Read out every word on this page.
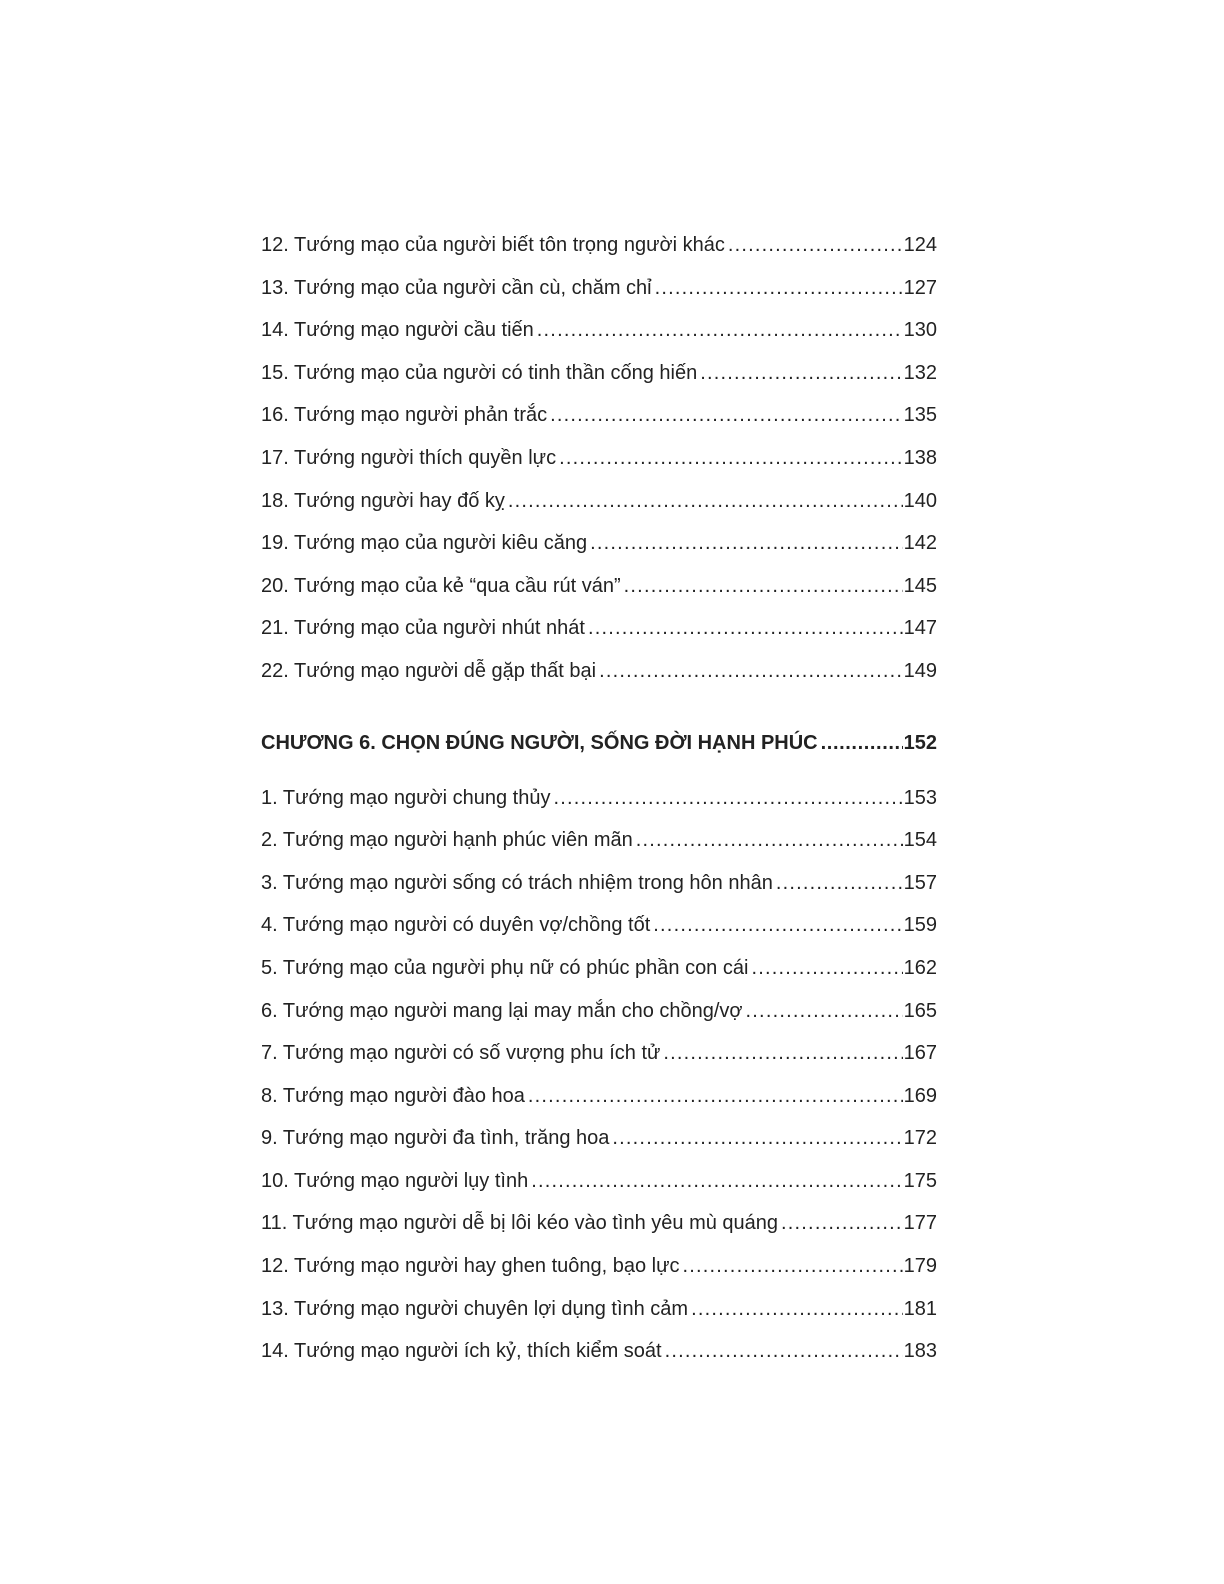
12. Tướng mạo của người biết tôn trọng người khác .....	124
13. Tướng mạo của người cần cù, chăm chỉ .....	127
14. Tướng mạo người cầu tiến .....	130
15. Tướng mạo của người có tinh thần cống hiến .....	132
16. Tướng mạo người phản trắc .....	135
17. Tướng người thích quyền lực .....	138
18. Tướng người hay đố kỵ .....	140
19. Tướng mạo của người kiêu căng .....	142
20. Tướng mạo của kẻ “qua cầu rút ván” .....	145
21. Tướng mạo của người nhút nhát .....	147
22. Tướng mạo người dễ gặp thất bại .....	149
CHƯƠNG 6. CHỌN ĐÚNG NGƯỜI, SỐNG ĐỜI HẠNH PHÚC .....	152
1. Tướng mạo người chung thủy .....	153
2. Tướng mạo người hạnh phúc viên mãn .....	154
3. Tướng mạo người sống có trách nhiệm trong hôn nhân .....	157
4. Tướng mạo người có duyên vợ/chồng tốt .....	159
5. Tướng mạo của người phụ nữ có phúc phần con cái .....	162
6. Tướng mạo người mang lại may mắn cho chồng/vợ .....	165
7. Tướng mạo người có số vượng phu ích tử .....	167
8. Tướng mạo người đào hoa .....	169
9. Tướng mạo người đa tình, trăng hoa .....	172
10. Tướng mạo người lụy tình .....	175
11. Tướng mạo người dễ bị lôi kéo vào tình yêu mù quáng .....	177
12. Tướng mạo người hay ghen tuông, bạo lực .....	179
13. Tướng mạo người chuyên lợi dụng tình cảm .....	181
14. Tướng mạo người ích kỷ, thích kiểm soát .....	183
